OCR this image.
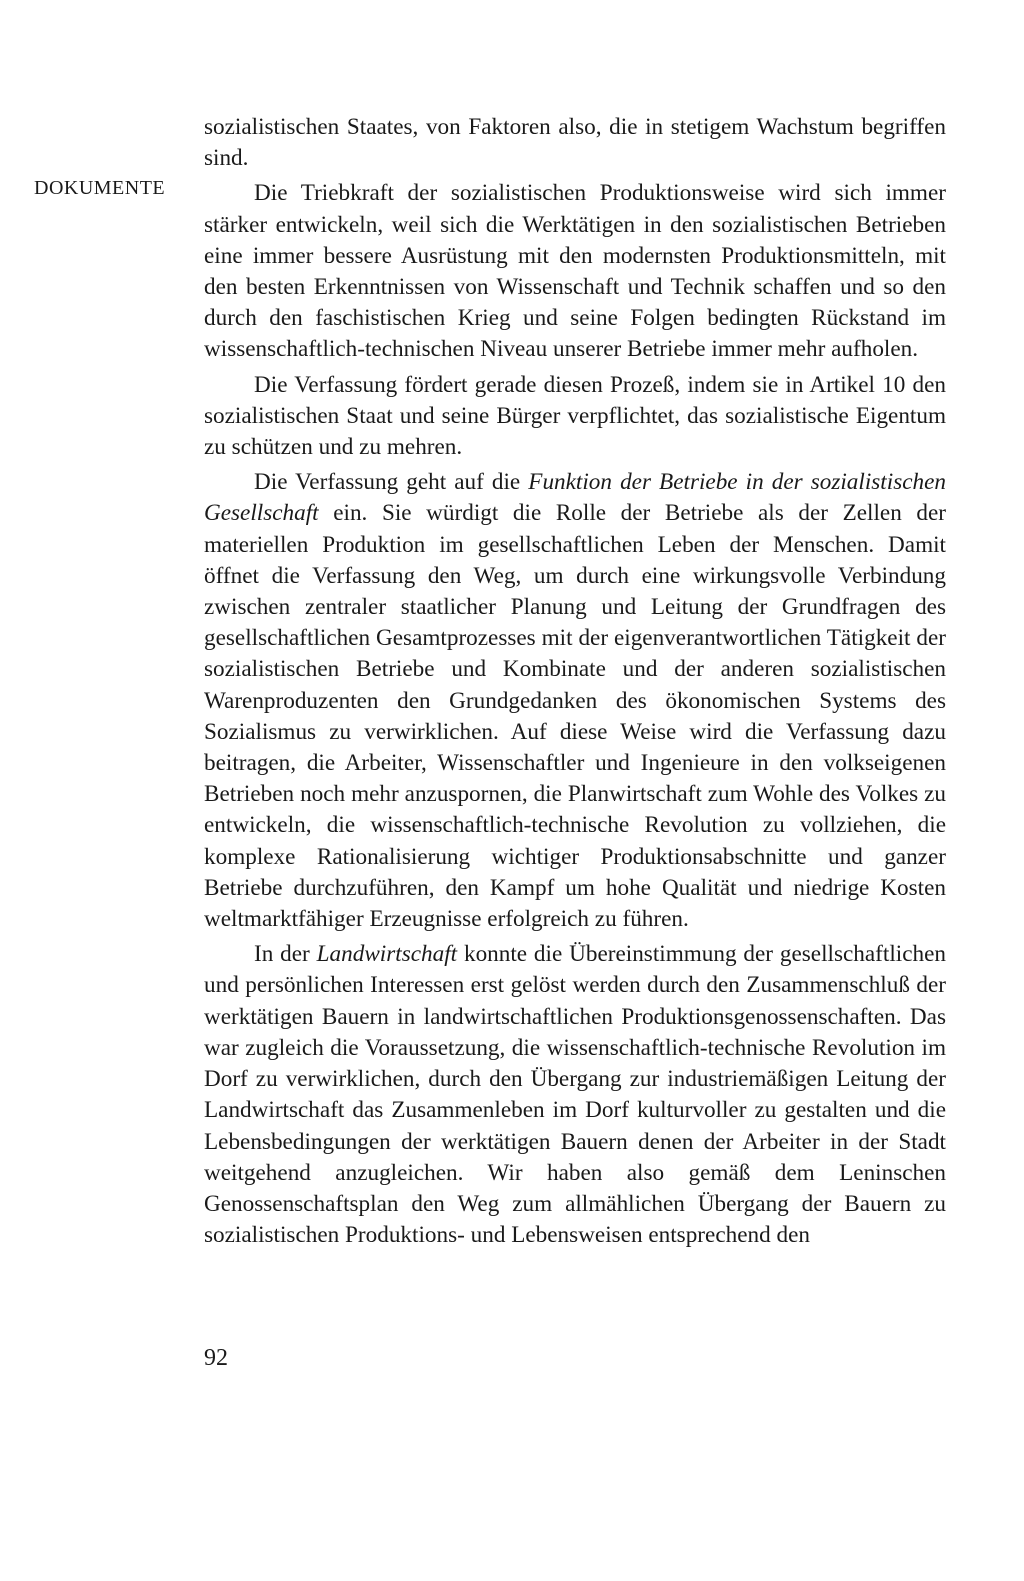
DOKUMENTE

sozialistischen Staates, von Faktoren also, die in stetigem Wachstum begriffen sind.

Die Triebkraft der sozialistischen Produktionsweise wird sich immer stärker entwickeln, weil sich die Werktätigen in den sozialistischen Betrieben eine immer bessere Ausrüstung mit den modernsten Produktionsmitteln, mit den besten Erkenntnissen von Wissenschaft und Technik schaffen und so den durch den faschistischen Krieg und seine Folgen bedingten Rückstand im wissenschaftlich-technischen Niveau unserer Betriebe immer mehr aufholen.

Die Verfassung fördert gerade diesen Prozeß, indem sie in Artikel 10 den sozialistischen Staat und seine Bürger verpflichtet, das sozialistische Eigentum zu schützen und zu mehren.

Die Verfassung geht auf die Funktion der Betriebe in der sozialistischen Gesellschaft ein. Sie würdigt die Rolle der Betriebe als der Zellen der materiellen Produktion im gesellschaftlichen Leben der Menschen. Damit öffnet die Verfassung den Weg, um durch eine wirkungsvolle Verbindung zwischen zentraler staatlicher Planung und Leitung der Grundfragen des gesellschaftlichen Gesamtprozesses mit der eigenverantwortlichen Tätigkeit der sozialistischen Betriebe und Kombinate und der anderen sozialistischen Warenproduzenten den Grundgedanken des ökonomischen Systems des Sozialismus zu verwirklichen. Auf diese Weise wird die Verfassung dazu beitragen, die Arbeiter, Wissenschaftler und Ingenieure in den volkseigenen Betrieben noch mehr anzuspornen, die Planwirtschaft zum Wohle des Volkes zu entwickeln, die wissenschaftlich-technische Revolution zu vollziehen, die komplexe Rationalisierung wichtiger Produktionsabschnitte und ganzer Betriebe durchzuführen, den Kampf um hohe Qualität und niedrige Kosten weltmarktfähiger Erzeugnisse erfolgreich zu führen.

In der Landwirtschaft konnte die Übereinstimmung der gesellschaftlichen und persönlichen Interessen erst gelöst werden durch den Zusammenschluß der werktätigen Bauern in landwirtschaftlichen Produktionsgenossenschaften. Das war zugleich die Voraussetzung, die wissenschaftlich-technische Revolution im Dorf zu verwirklichen, durch den Übergang zur industriemäßigen Leitung der Landwirtschaft das Zusammenleben im Dorf kulturvoller zu gestalten und die Lebensbedingungen der werktätigen Bauern denen der Arbeiter in der Stadt weitgehend anzugleichen. Wir haben also gemäß dem Leninschen Genossenschaftsplan den Weg zum allmählichen Übergang der Bauern zu sozialistischen Produktions- und Lebensweisen entsprechend den

92
